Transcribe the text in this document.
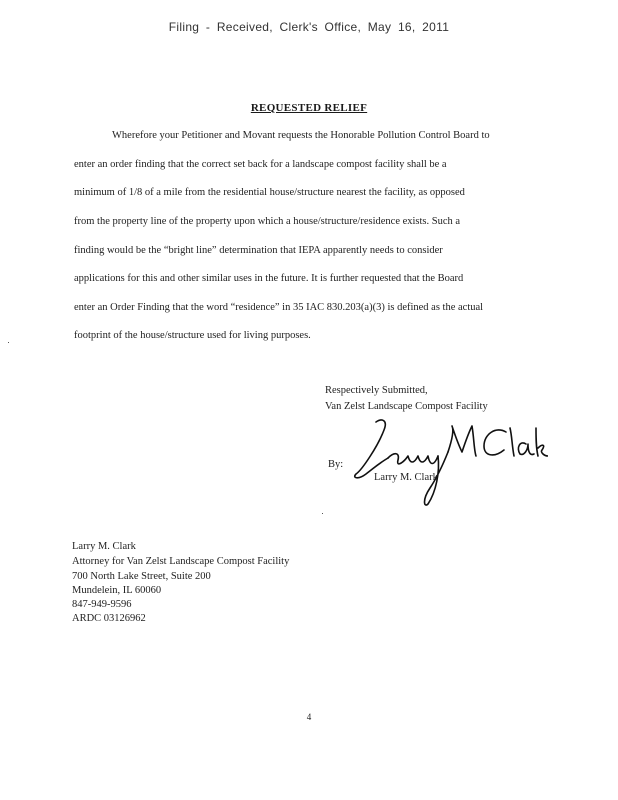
Filing - Received, Clerk's Office, May 16, 2011
REQUESTED RELIEF
Wherefore your Petitioner and Movant requests the Honorable Pollution Control Board to
enter an order finding that the correct set back for a landscape compost facility shall be a
minimum of 1/8 of a mile from the residential house/structure nearest the facility, as opposed
from the property line of the property upon which a house/structure/residence exists. Such a
finding would be the “bright line” determination that IEPA apparently needs to consider
applications for this and other similar uses in the future. It is further requested that the Board
enter an Order Finding that the word “residence” in 35 IAC 830.203(a)(3) is defined as the actual
footprint of the house/structure used for living purposes.
Respectively Submitted,
Van Zelst Landscape Compost Facility
By:
Larry M. Clark
Larry M. Clark
Attorney for Van Zelst Landscape Compost Facility
700 North Lake Street, Suite 200
Mundelein, IL 60060
847-949-9596
ARDC 03126962
4
